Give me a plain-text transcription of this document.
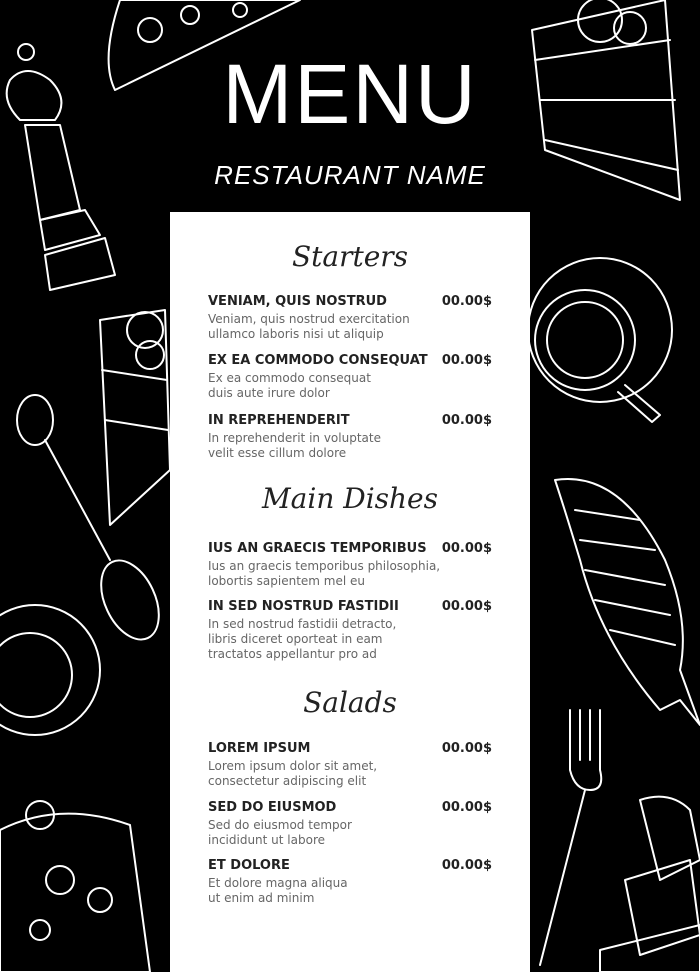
MENU
RESTAURANT NAME
Starters
VENIAM, QUIS NOSTRUD	00.00$
Veniam, quis nostrud exercitation
ullamco laboris nisi ut aliquip
EX EA COMMODO CONSEQUAT	00.00$
Ex ea commodo consequat
duis aute irure dolor
IN REPREHENDERIT	00.00$
In reprehenderit in voluptate
velit esse cillum dolore
Main Dishes
IUS AN GRAECIS TEMPORIBUS	00.00$
Ius an graecis temporibus philosophia,
lobortis sapientem mel eu
IN SED NOSTRUD FASTIDII	00.00$
In sed nostrud fastidii detracto,
libris diceret oporteat in eam
tractatos appellantur pro ad
Salads
LOREM IPSUM	00.00$
Lorem ipsum dolor sit amet,
consectetur adipiscing elit
SED DO EIUSMOD	00.00$
Sed do eiusmod tempor
incididunt ut labore
ET DOLORE	00.00$
Et dolore magna aliqua
ut enim ad minim
